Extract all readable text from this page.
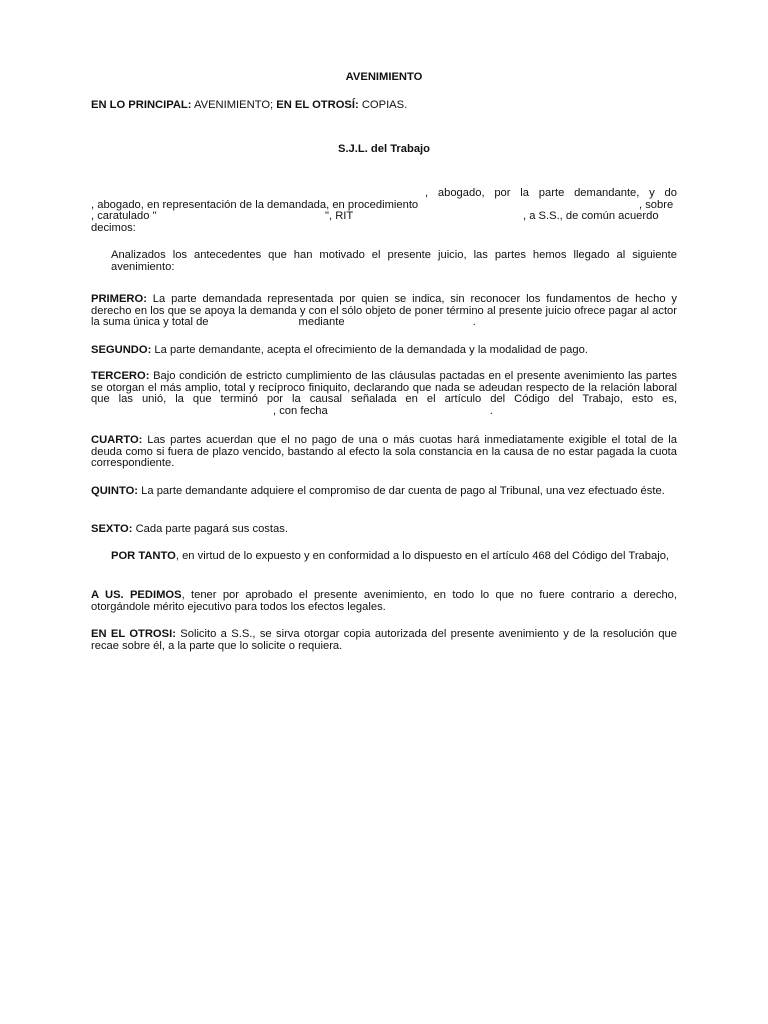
AVENIMIENTO
EN LO PRINCIPAL: AVENIMIENTO; EN EL OTROSÍ: COPIAS.
S.J.L. del Trabajo
, abogado, por la parte demandante, y do
, abogado, en representación de la demandada, en procedimiento	, sobre
, caratulado "	", RIT	, a S.S., de común acuerdo
decimos:
Analizados los antecedentes que han motivado el presente juicio, las partes hemos llegado al siguiente avenimiento:
PRIMERO: La parte demandada representada por quien se indica, sin reconocer los fundamentos de hecho y derecho en los que se apoya la demanda y con el sólo objeto de poner término al presente juicio ofrece pagar al actor la suma única y total de	mediante	.
SEGUNDO: La parte demandante, acepta el ofrecimiento de la demandada y la modalidad de pago.
TERCERO: Bajo condición de estricto cumplimiento de las cláusulas pactadas en el presente avenimiento las partes se otorgan el más amplio, total y recíproco finiquito, declarando que nada se adeudan respecto de la relación laboral que las unió, la que terminó por la causal señalada en el artículo del Código del Trabajo, esto es,, con fecha	.
CUARTO: Las partes acuerdan que el no pago de una o más cuotas hará inmediatamente exigible el total de la deuda como si fuera de plazo vencido, bastando al efecto la sola constancia en la causa de no estar pagada la cuota correspondiente.
QUINTO: La parte demandante adquiere el compromiso de dar cuenta de pago al Tribunal, una vez efectuado éste.
SEXTO: Cada parte pagará sus costas.
POR TANTO, en virtud de lo expuesto y en conformidad a lo dispuesto en el artículo 468 del Código del Trabajo,
A US. PEDIMOS, tener por aprobado el presente avenimiento, en todo lo que no fuere contrario a derecho, otorgándole mérito ejecutivo para todos los efectos legales.
EN EL OTROSI: Solicito a S.S., se sirva otorgar copia autorizada del presente avenimiento y de la resolución que recae sobre él, a la parte que lo solicite o requiera.
